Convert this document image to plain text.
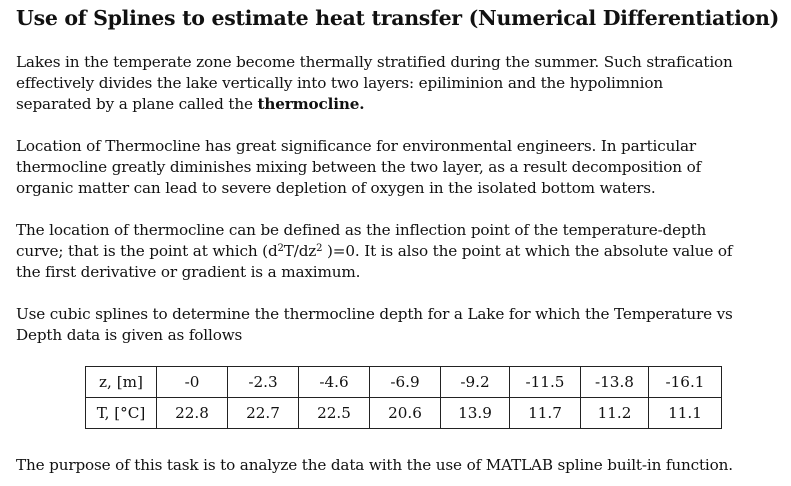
Use of Splines to estimate heat transfer (Numerical Differentiation)

Lakes in the temperate zone become thermally stratified during the summer. Such strafication
effectively divides the lake vertically into two layers: epiliminion and the hypolimnion
separated by a plane called the thermocline.

Location of Thermocline has great significance for environmental engineers. In particular
thermocline greatly diminishes mixing between the two layer, as a result decomposition of
organic matter can lead to severe depletion of oxygen in the isolated bottom waters.

The location of thermocline can be defined as the inflection point of the temperature-depth
curve; that is the point at which ($d^2T/dz^2$ )=0. It is also the point at which the absolute value of
the first derivative or gradient is a maximum.

Use cubic splines to determine the thermocline depth for a Lake for which the Temperature vs
Depth data is given as follows

z, [m]	-0	-2.3	-4.6	-6.9	-9.2	-11.5	-13.8	-16.1
T, [°C]	22.8	22.7	22.5	20.6	13.9	11.7	11.2	11.1

The purpose of this task is to analyze the data with the use of MATLAB spline built-in function.
